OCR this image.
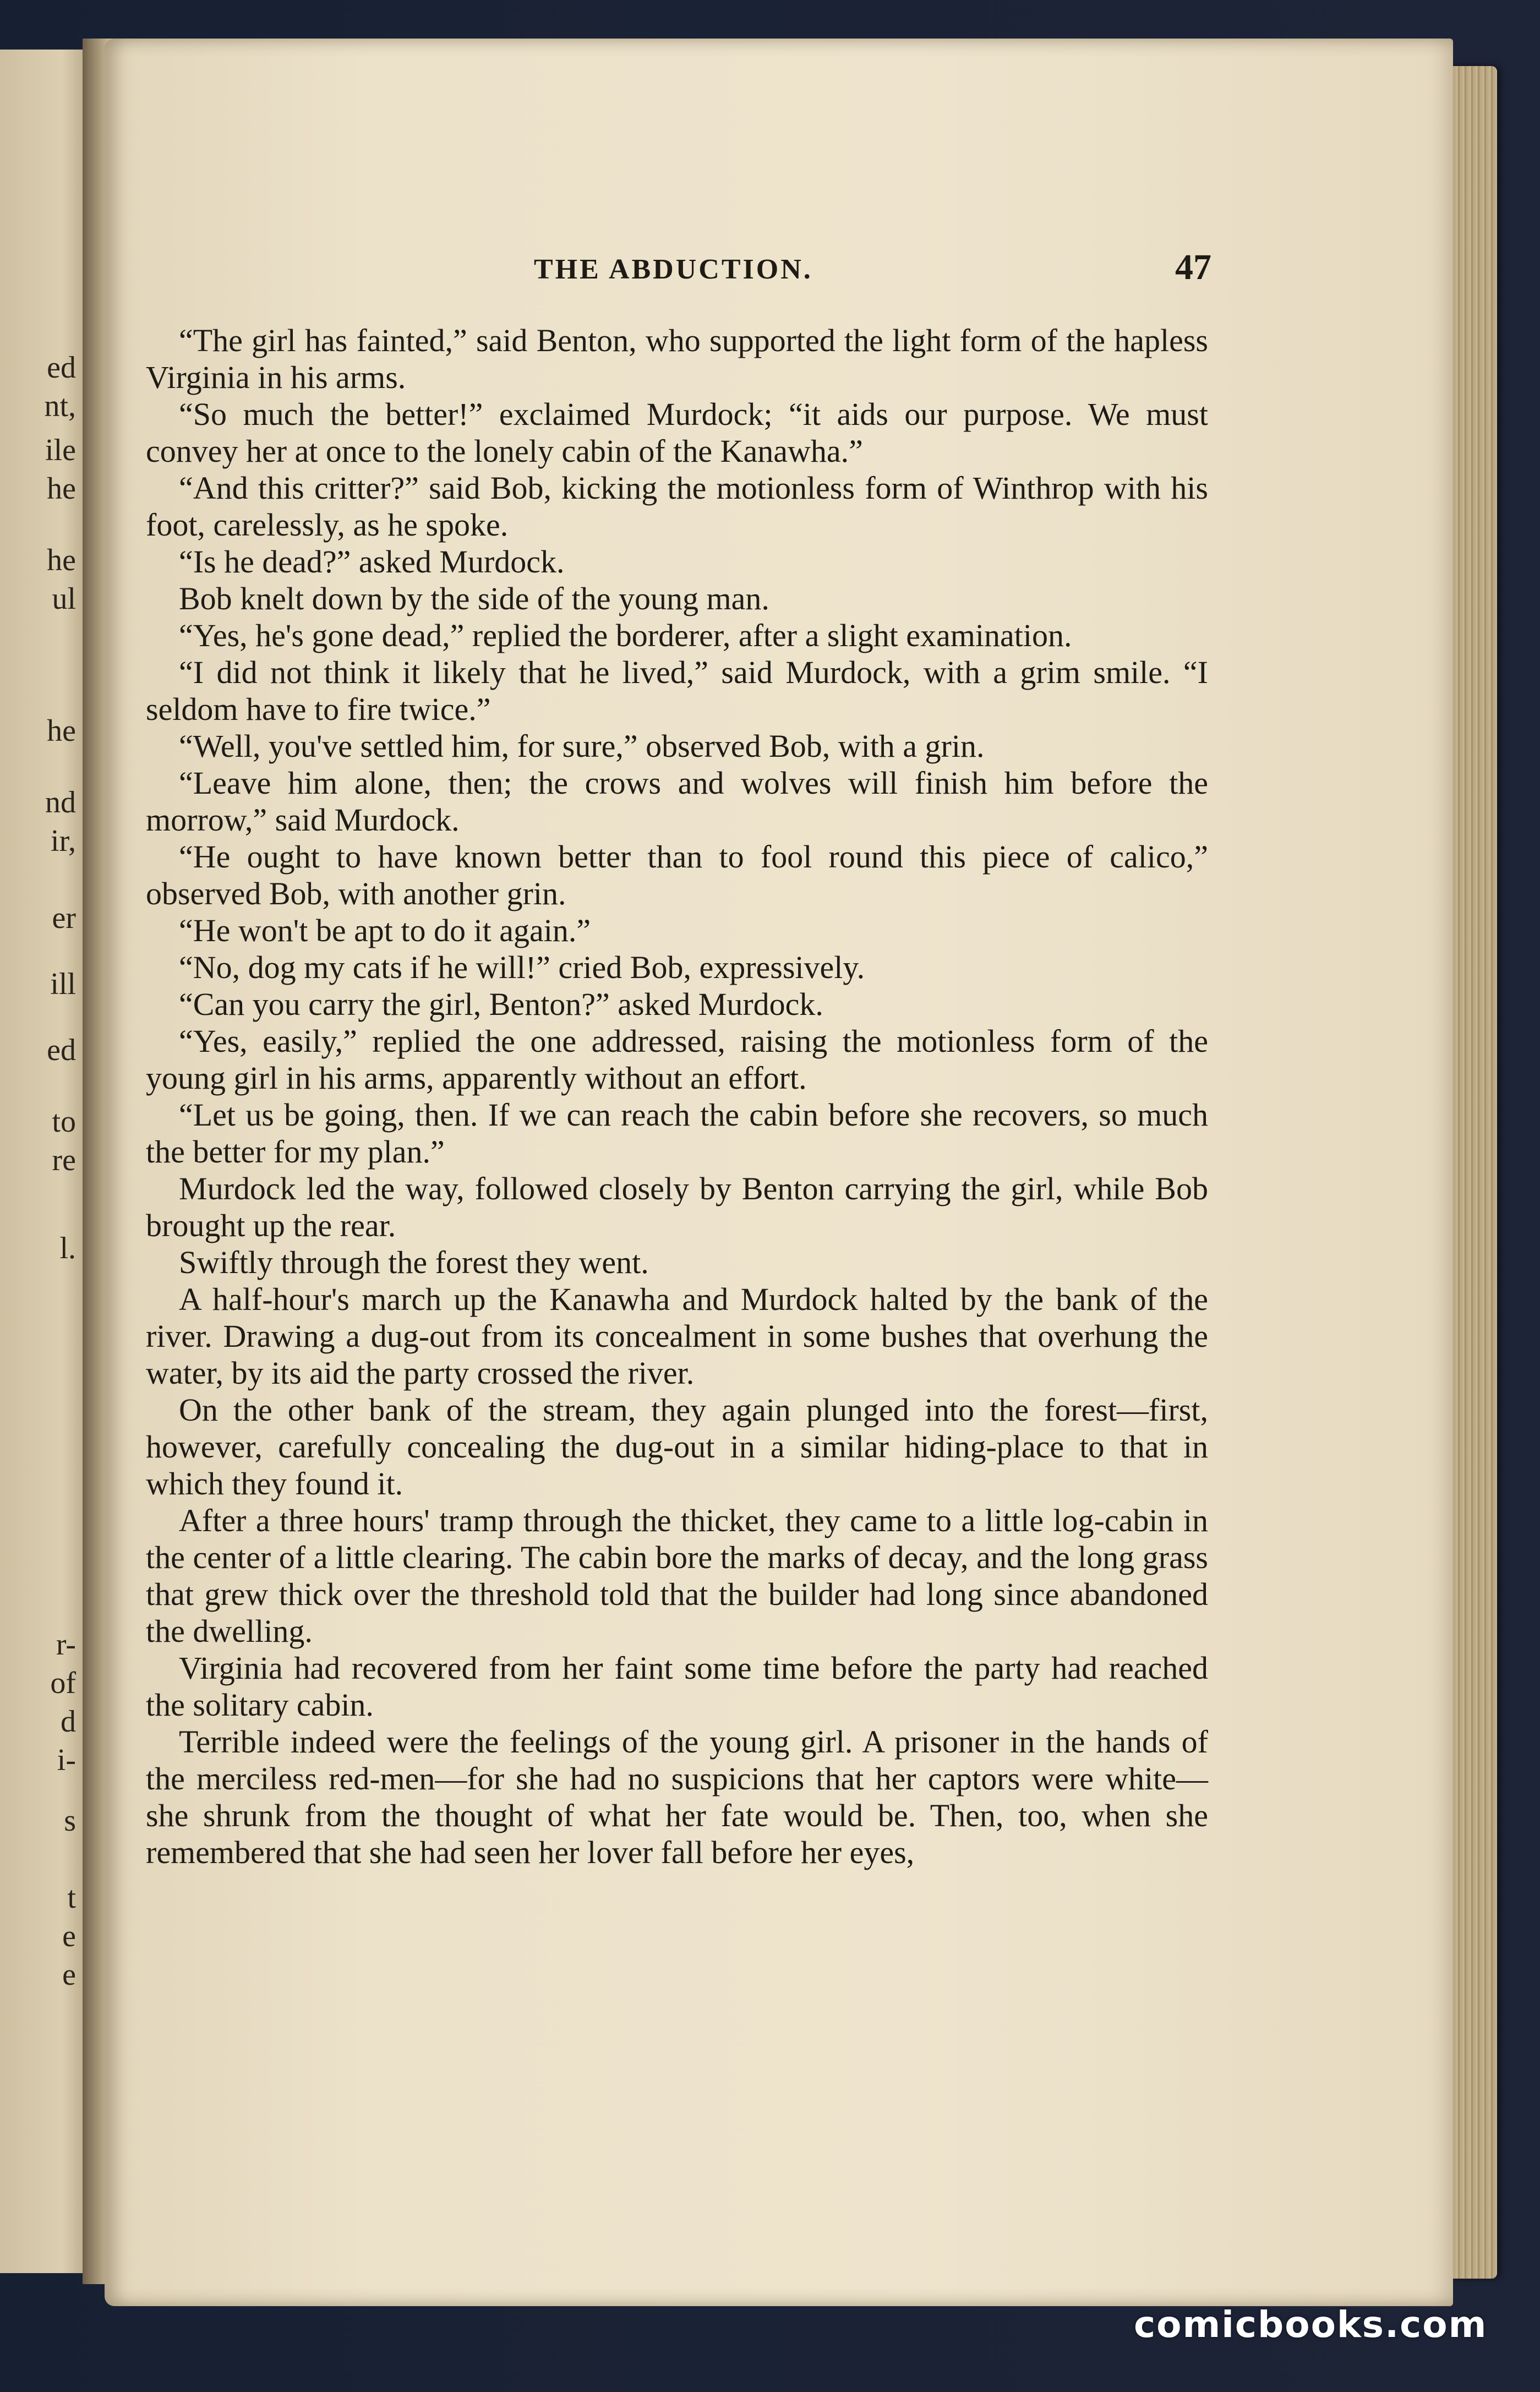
ed
nt,
ile
he
he
ul
he
nd
ir,
er
ill
ed
to
re
l.
r-
of
d
i-
s
t
e
e
THE ABDUCTION.	47

“The girl has fainted,” said Benton, who supported the light form of the hapless Virginia in his arms.

“So much the better!” exclaimed Murdock; “it aids our purpose. We must convey her at once to the lonely cabin of the Kanawha.”

“And this critter?” said Bob, kicking the motionless form of Winthrop with his foot, carelessly, as he spoke.

“Is he dead?” asked Murdock.

Bob knelt down by the side of the young man.

“Yes, he's gone dead,” replied the borderer, after a slight examination.

“I did not think it likely that he lived,” said Murdock, with a grim smile. “I seldom have to fire twice.”

“Well, you've settled him, for sure,” observed Bob, with a grin.

“Leave him alone, then; the crows and wolves will finish him before the morrow,” said Murdock.

“He ought to have known better than to fool round this piece of calico,” observed Bob, with another grin.

“He won't be apt to do it again.”

“No, dog my cats if he will!” cried Bob, expressively.

“Can you carry the girl, Benton?” asked Murdock.

“Yes, easily,” replied the one addressed, raising the motionless form of the young girl in his arms, apparently without an effort.

“Let us be going, then. If we can reach the cabin before she recovers, so much the better for my plan.”

Murdock led the way, followed closely by Benton carrying the girl, while Bob brought up the rear.

Swiftly through the forest they went.

A half-hour's march up the Kanawha and Murdock halted by the bank of the river. Drawing a dug-out from its concealment in some bushes that overhung the water, by its aid the party crossed the river.

On the other bank of the stream, they again plunged into the forest—first, however, carefully concealing the dug-out in a similar hiding-place to that in which they found it.

After a three hours' tramp through the thicket, they came to a little log-cabin in the center of a little clearing. The cabin bore the marks of decay, and the long grass that grew thick over the threshold told that the builder had long since abandoned the dwelling.

Virginia had recovered from her faint some time before the party had reached the solitary cabin.

Terrible indeed were the feelings of the young girl. A prisoner in the hands of the merciless red-men—for she had no suspicions that her captors were white—she shrunk from the thought of what her fate would be. Then, too, when she remembered that she had seen her lover fall before her eyes,

comicbooks.com
